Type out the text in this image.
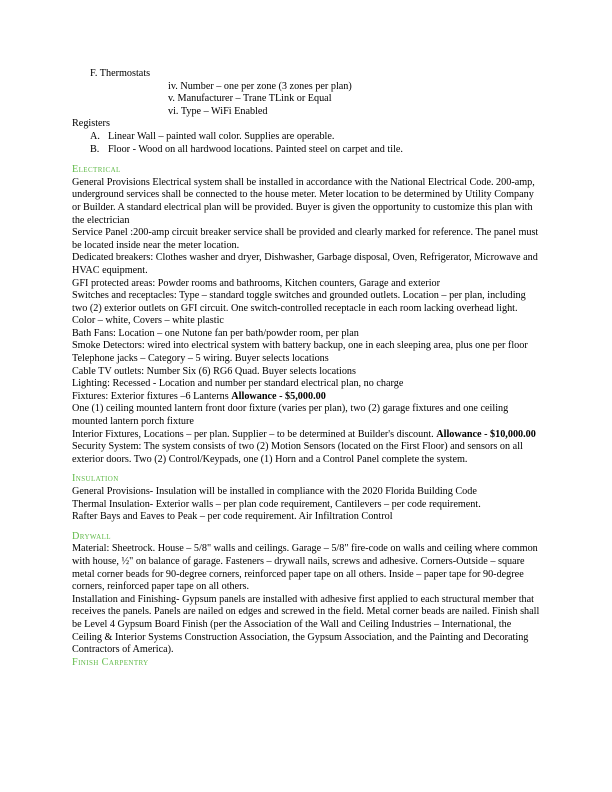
F. Thermostats
iv. Number – one per zone (3 zones per plan)
v. Manufacturer – Trane TLink or Equal
vi. Type – WiFi Enabled
Registers
A. Linear Wall – painted wall color. Supplies are operable.
B. Floor - Wood on all hardwood locations. Painted steel on carpet and tile.
Electrical
General Provisions Electrical system shall be installed in accordance with the National Electrical Code. 200-amp, underground services shall be connected to the house meter. Meter location to be determined by Utility Company or Builder. A standard electrical plan will be provided. Buyer is given the opportunity to customize this plan with the electrician
Service Panel :200-amp circuit breaker service shall be provided and clearly marked for reference. The panel must be located inside near the meter location.
Dedicated breakers: Clothes washer and dryer, Dishwasher, Garbage disposal, Oven, Refrigerator, Microwave and HVAC equipment.
GFI protected areas: Powder rooms and bathrooms, Kitchen counters, Garage and exterior
Switches and receptacles: Type – standard toggle switches and grounded outlets. Location – per plan, including two (2) exterior outlets on GFI circuit. One switch-controlled receptacle in each room lacking overhead light. Color – white, Covers – white plastic
Bath Fans: Location – one Nutone fan per bath/powder room, per plan
Smoke Detectors: wired into electrical system with battery backup, one in each sleeping area, plus one per floor
Telephone jacks – Category – 5 wiring. Buyer selects locations
Cable TV outlets: Number Six (6) RG6 Quad. Buyer selects locations
Lighting: Recessed - Location and number per standard electrical plan, no charge
Fixtures: Exterior fixtures –6 Lanterns Allowance - $5,000.00
One (1) ceiling mounted lantern front door fixture (varies per plan), two (2) garage fixtures and one ceiling mounted lantern porch fixture
Interior Fixtures, Locations – per plan. Supplier – to be determined at Builder's discount. Allowance - $10,000.00
Security System: The system consists of two (2) Motion Sensors (located on the First Floor) and sensors on all exterior doors. Two (2) Control/Keypads, one (1) Horn and a Control Panel complete the system.
Insulation
General Provisions- Insulation will be installed in compliance with the 2020 Florida Building Code
Thermal Insulation- Exterior walls – per plan code requirement, Cantilevers – per code requirement.
Rafter Bays and Eaves to Peak – per code requirement. Air Infiltration Control
Drywall
Material: Sheetrock. House – 5/8" walls and ceilings. Garage – 5/8" fire-code on walls and ceiling where common with house, ½" on balance of garage. Fasteners – drywall nails, screws and adhesive. Corners-Outside – square metal corner beads for 90-degree corners, reinforced paper tape on all others. Inside – paper tape for 90-degree corners, reinforced paper tape on all others.
Installation and Finishing- Gypsum panels are installed with adhesive first applied to each structural member that receives the panels. Panels are nailed on edges and screwed in the field. Metal corner beads are nailed. Finish shall be Level 4 Gypsum Board Finish (per the Association of the Wall and Ceiling Industries – International, the Ceiling & Interior Systems Construction Association, the Gypsum Association, and the Painting and Decorating Contractors of America).
Finish Carpentry
